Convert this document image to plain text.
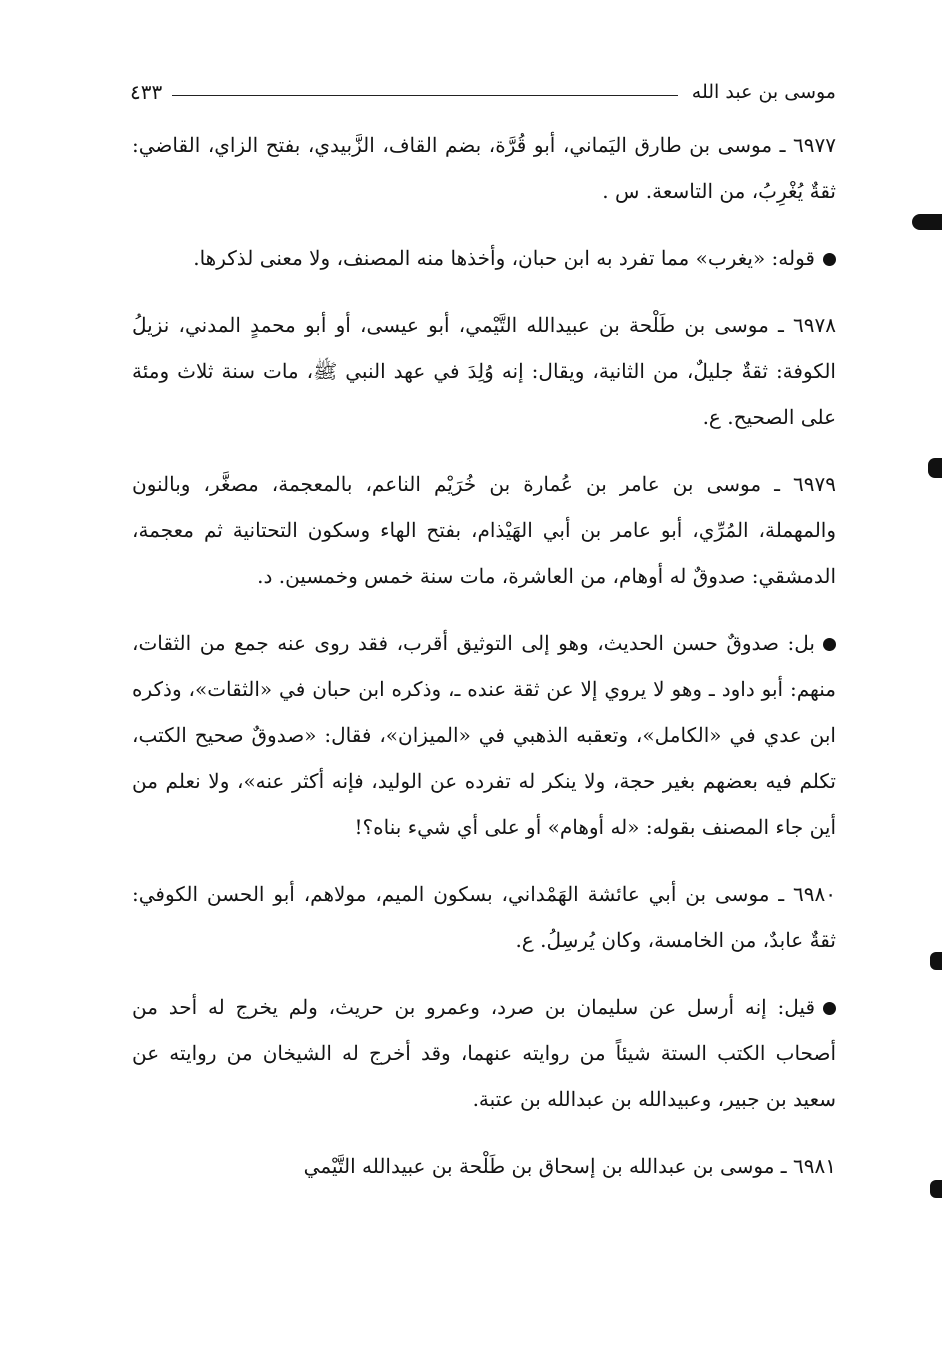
موسى بن عبد الله
٤٣٣

٦٩٧٧ ـ موسى بن طارق اليَماني، أبو قُرَّة، بضم القاف، الزَّبيدي، بفتح الزاي، القاضي: ثقةٌ يُغْرِبُ، من التاسعة. س .

قوله: «يغرب» مما تفرد به ابن حبان، وأخذها منه المصنف، ولا معنى لذكرها.

٦٩٧٨ ـ موسى بن طَلْحة بن عبيدالله التَّيْمي، أبو عيسى، أو أبو محمدٍ المدني، نزيلُ الكوفة: ثقةٌ جليلٌ، من الثانية، ويقال: إنه وُلِدَ في عهد النبي ﷺ، مات سنة ثلاث ومئة على الصحيح. ع.

٦٩٧٩ ـ موسى بن عامر بن عُمارة بن خُرَيْم الناعم، بالمعجمة، مصغَّر، وبالنون والمهملة، المُرِّي، أبو عامر بن أبي الهَيْذام، بفتح الهاء وسكون التحتانية ثم معجمة، الدمشقي: صدوقٌ له أوهام، من العاشرة، مات سنة خمس وخمسين. د.

بل: صدوقٌ حسن الحديث، وهو إلى التوثيق أقرب، فقد روى عنه جمع من الثقات، منهم: أبو داود ـ وهو لا يروي إلا عن ثقة عنده ـ، وذكره ابن حبان في «الثقات»، وذكره ابن عدي في «الكامل»، وتعقبه الذهبي في «الميزان»، فقال: «صدوقٌ صحيح الكتب، تكلم فيه بعضهم بغير حجة، ولا ينكر له تفرده عن الوليد، فإنه أكثر عنه»، ولا نعلم من أين جاء المصنف بقوله: «له أوهام» أو على أي شيء بناه؟!

٦٩٨٠ ـ موسى بن أبي عائشة الهَمْداني، بسكون الميم، مولاهم، أبو الحسن الكوفي: ثقةٌ عابدٌ، من الخامسة، وكان يُرسِلُ. ع.

قيل: إنه أرسل عن سليمان بن صرد، وعمرو بن حريث، ولم يخرج له أحد من أصحاب الكتب الستة شيئاً من روايته عنهما، وقد أخرج له الشيخان من روايته عن سعيد بن جبير، وعبيدالله بن عبدالله بن عتبة.

٦٩٨١ ـ موسى بن عبدالله بن إسحاق بن طَلْحة بن عبيدالله التَّيْمي
